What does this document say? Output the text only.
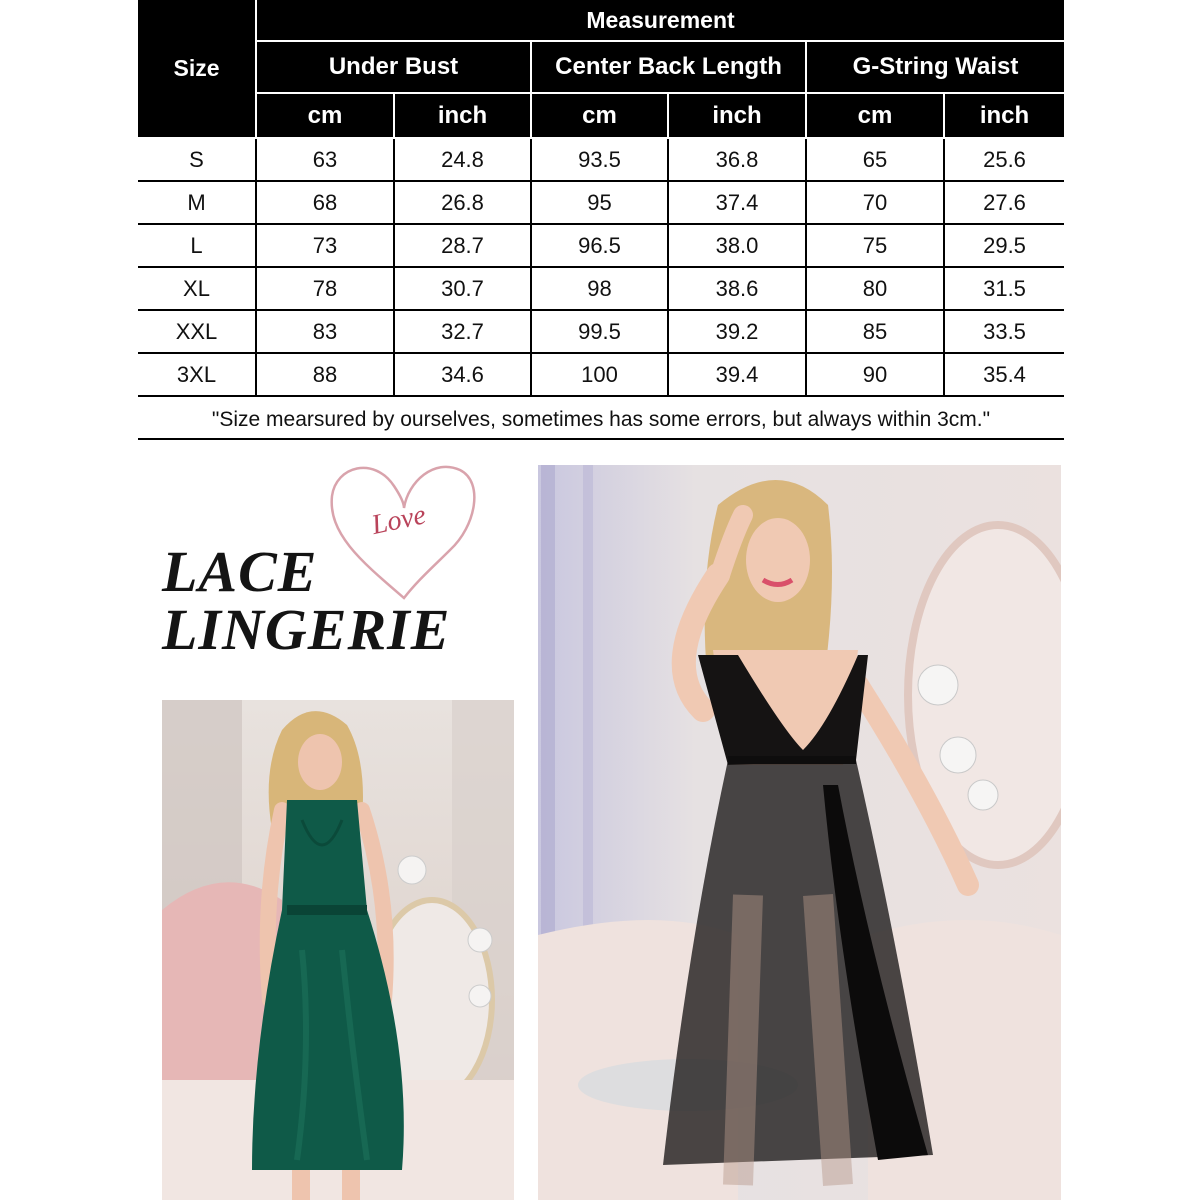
Size	Measurement					
	Under Bust		Center Back Length		G-String Waist	
	cm	inch	cm	inch	cm	inch
S	63	24.8	93.5	36.8	65	25.6
M	68	26.8	95	37.4	70	27.6
L	73	28.7	96.5	38.0	75	29.5
XL	78	30.7	98	38.6	80	31.5
XXL	83	32.7	99.5	39.2	85	33.5
3XL	88	34.6	100	39.4	90	35.4
"Size mearsured by ourselves, sometimes has some errors, but always within 3cm."
Love
LACE
LINGERIE
